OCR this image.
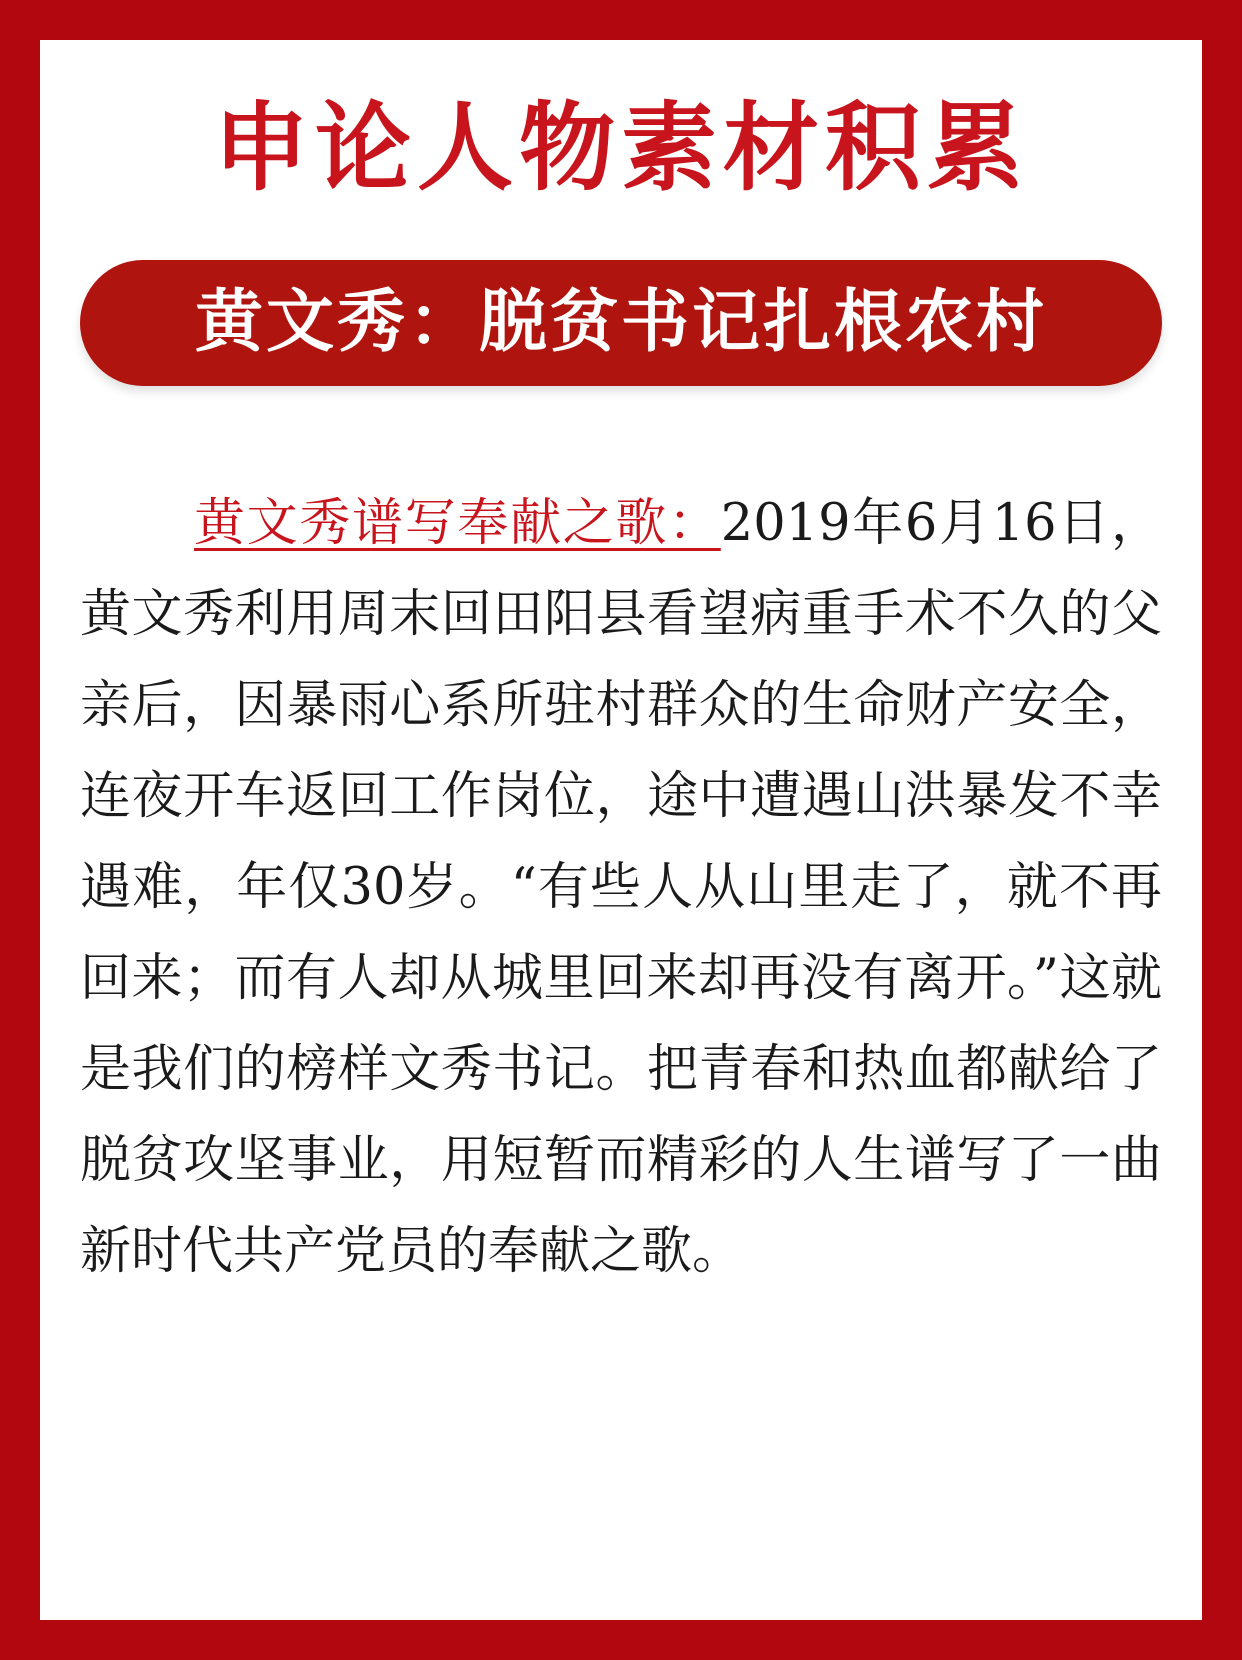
申论人物素材积累
黄文秀：脱贫书记扎根农村

黄文秀谱写奉献之歌：2019年6月16日，黄文秀利用周末回田阳县看望病重手术不久的父亲后，因暴雨心系所驻村群众的生命财产安全，连夜开车返回工作岗位，途中遭遇山洪暴发不幸遇难，年仅30岁。“有些人从山里走了，就不再回来；而有人却从城里回来却再没有离开。”这就是我们的榜样文秀书记。把青春和热血都献给了脱贫攻坚事业，用短暂而精彩的人生谱写了一曲新时代共产党员的奉献之歌。
